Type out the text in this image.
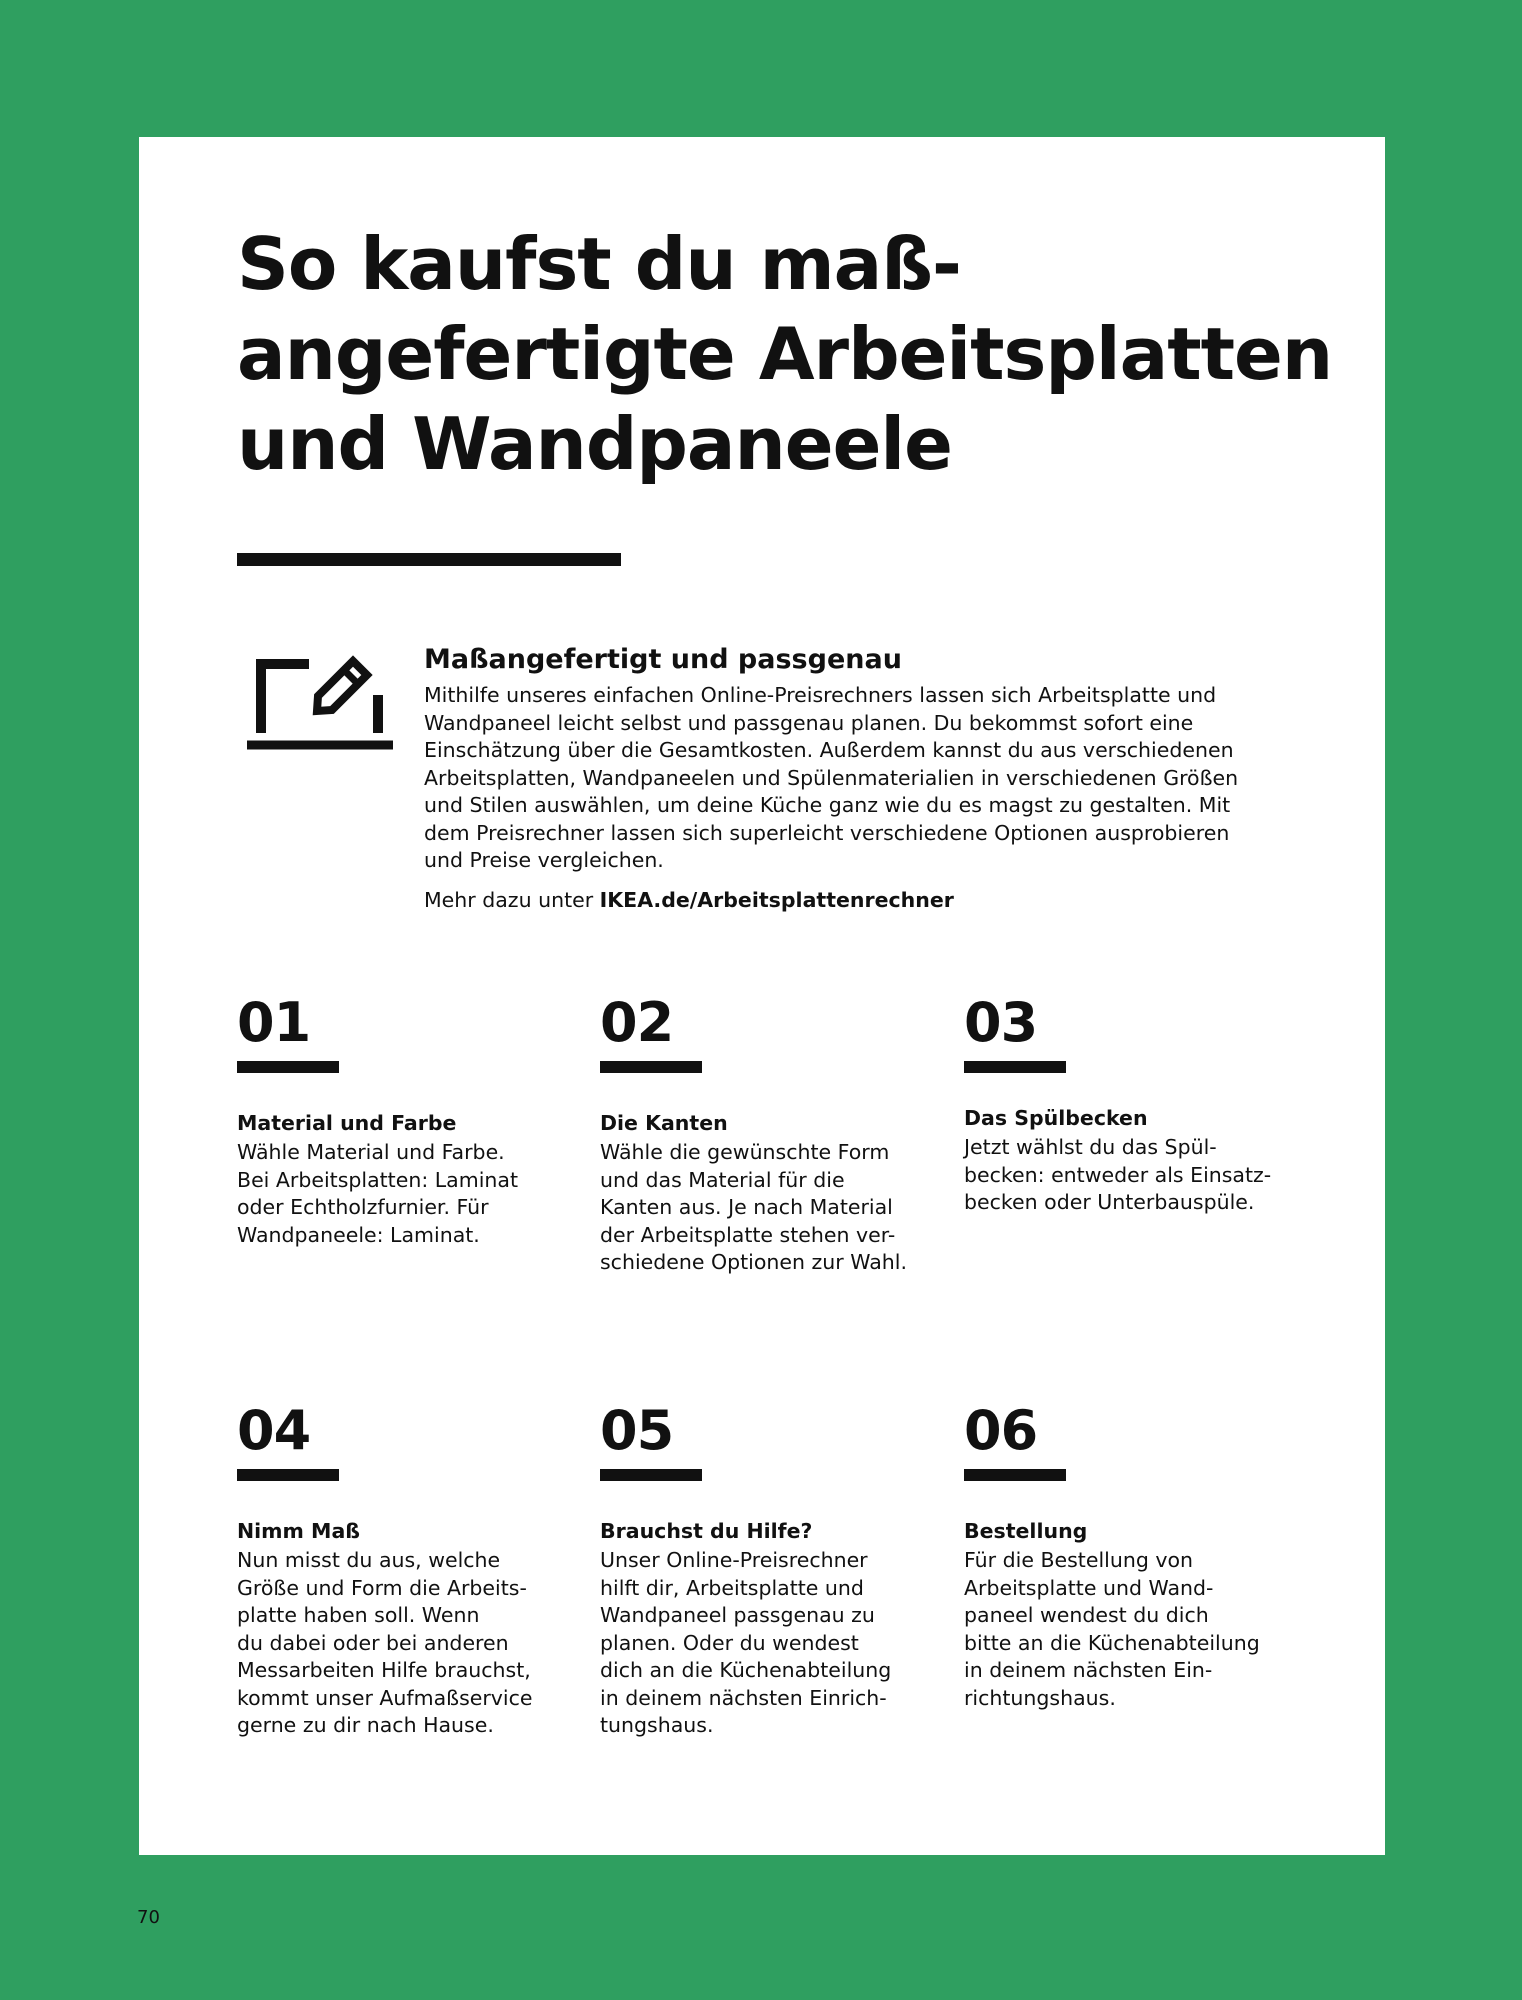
So kaufst du maß-
angefertigte Arbeitsplatten
und Wandpaneele
Maßangefertigt und passgenau

Mithilfe unseres einfachen Online-Preisrechners lassen sich Arbeitsplatte und
Wandpaneel leicht selbst und passgenau planen. Du bekommst sofort eine
Einschätzung über die Gesamtkosten. Außerdem kannst du aus verschiedenen
Arbeitsplatten, Wandpaneelen und Spülenmaterialien in verschiedenen Größen
und Stilen auswählen, um deine Küche ganz wie du es magst zu gestalten. Mit
dem Preisrechner lassen sich superleicht verschiedene Optionen ausprobieren
und Preise vergleichen.

Mehr dazu unter IKEA.de/Arbeitsplattenrechner

01
Material und Farbe

Wähle Material und Farbe.
Bei Arbeitsplatten: Laminat
oder Echtholzfurnier. Für
Wandpaneele: Laminat.

02
Die Kanten

Wähle die gewünschte Form
und das Material für die
Kanten aus. Je nach Material
der Arbeitsplatte stehen ver-
schiedene Optionen zur Wahl.

03
Das Spülbecken

Jetzt wählst du das Spül-
becken: entweder als Einsatz-
becken oder Unterbauspüle.

04
Nimm Maß

Nun misst du aus, welche
Größe und Form die Arbeits-
platte haben soll. Wenn
du dabei oder bei anderen
Messarbeiten Hilfe brauchst,
kommt unser Aufmaßservice
gerne zu dir nach Hause.

05
Brauchst du Hilfe?

Unser Online-Preisrechner
hilft dir, Arbeitsplatte und
Wandpaneel passgenau zu
planen. Oder du wendest
dich an die Küchenabteilung
in deinem nächsten Einrich-
tungshaus.

06
Bestellung

Für die Bestellung von
Arbeitsplatte und Wand-
paneel wendest du dich
bitte an die Küchenabteilung
in deinem nächsten Ein-
richtungshaus.

70
